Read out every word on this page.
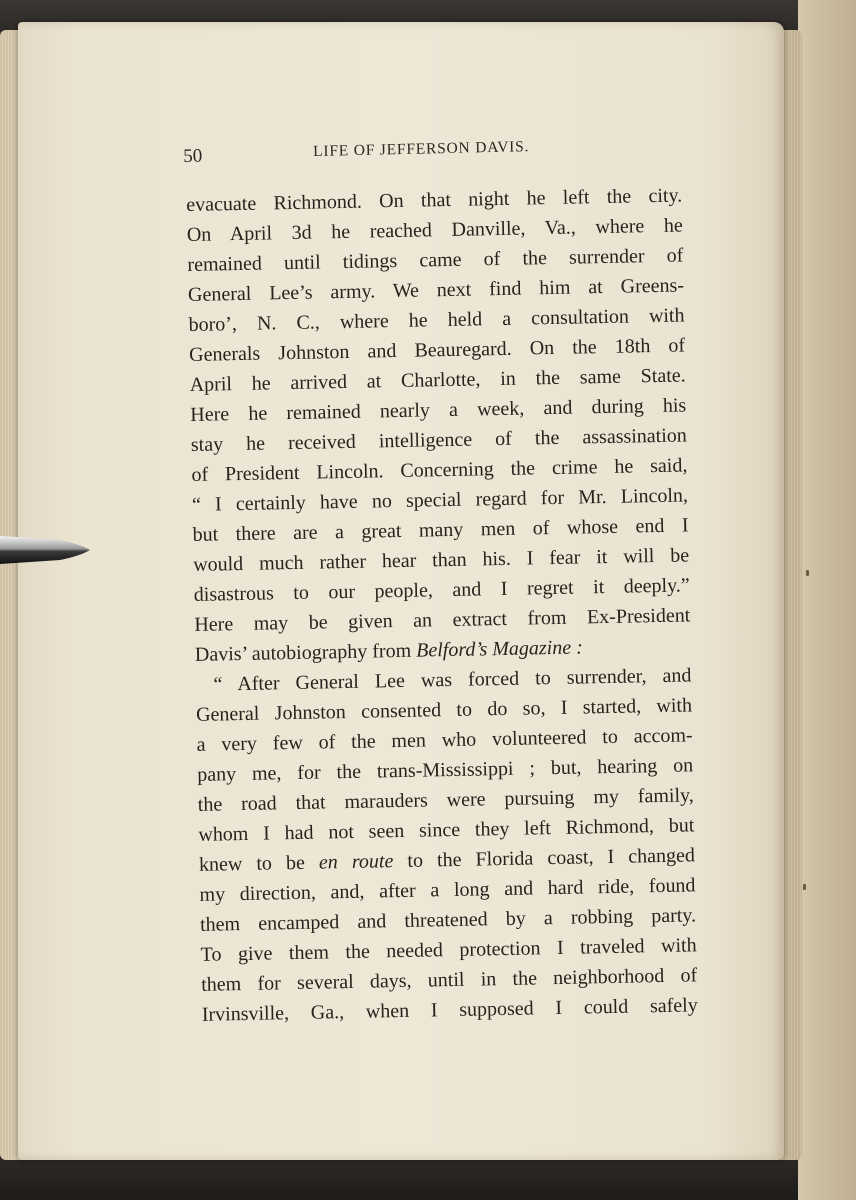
50	LIFE OF JEFFERSON DAVIS.
evacuate Richmond. On that night he left the city.
On April 3d he reached Danville, Va., where he
remained until tidings came of the surrender of
General Lee’s army. We next find him at Greens-
boro’, N. C., where he held a consultation with
Generals Johnston and Beauregard. On the 18th of
April he arrived at Charlotte, in the same State.
Here he remained nearly a week, and during his
stay he received intelligence of the assassination
of President Lincoln. Concerning the crime he said,
“ I certainly have no special regard for Mr. Lincoln,
but there are a great many men of whose end I
would much rather hear than his. I fear it will be
disastrous to our people, and I regret it deeply.”
Here may be given an extract from Ex-President
Davis’ autobiography from Belford’s Magazine :
“ After General Lee was forced to surrender, and
General Johnston consented to do so, I started, with
a very few of the men who volunteered to accom-
pany me, for the trans-Mississippi ; but, hearing on
the road that marauders were pursuing my family,
whom I had not seen since they left Richmond, but
knew to be en route to the Florida coast, I changed
my direction, and, after a long and hard ride, found
them encamped and threatened by a robbing party.
To give them the needed protection I traveled with
them for several days, until in the neighborhood of
Irvinsville, Ga., when I supposed I could safely
